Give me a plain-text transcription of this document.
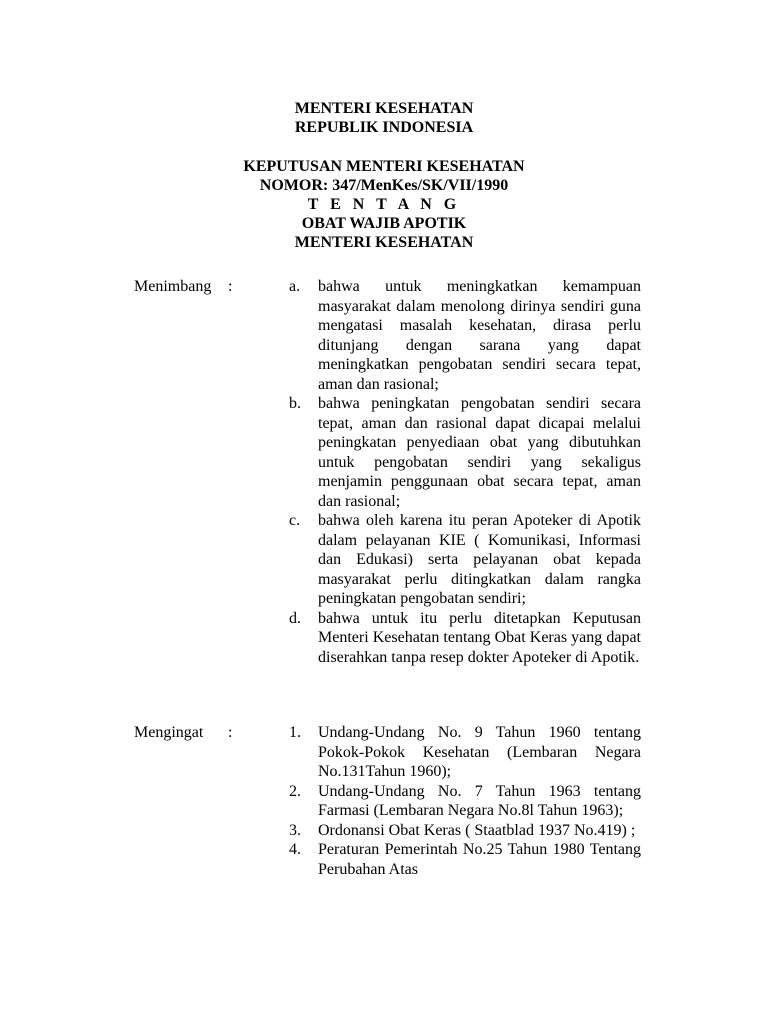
MENTERI KESEHATAN
REPUBLIK INDONESIA
KEPUTUSAN MENTERI KESEHATAN
NOMOR: 347/MenKes/SK/VII/1990
T E N T A N G
OBAT WAJIB APOTIK
MENTERI KESEHATAN
Menimbang :	a. bahwa untuk meningkatkan kemampuan masyarakat dalam menolong dirinya sendiri guna mengatasi masalah kesehatan, dirasa perlu ditunjang dengan sarana yang dapat meningkatkan pengobatan sendiri secara tepat, aman dan rasional;
b. bahwa peningkatan pengobatan sendiri secara tepat, aman dan rasional dapat dicapai melalui peningkatan penyediaan obat yang dibutuhkan untuk pengobatan sendiri yang sekaligus menjamin penggunaan obat secara tepat, aman dan rasional;
c. bahwa oleh karena itu peran Apoteker di Apotik dalam pelayanan KIE ( Komunikasi, Informasi dan Edukasi) serta pelayanan obat kepada masyarakat perlu ditingkatkan dalam rangka peningkatan pengobatan sendiri;
d. bahwa untuk itu perlu ditetapkan Keputusan Menteri Kesehatan tentang Obat Keras yang dapat diserahkan tanpa resep dokter Apoteker di Apotik.
Mengingat :	1. Undang-Undang No. 9 Tahun 1960 tentang Pokok-Pokok Kesehatan (Lembaran Negara No.131Tahun 1960);
2. Undang-Undang No. 7 Tahun 1963 tentang Farmasi (Lembaran Negara No.8l Tahun 1963);
3. Ordonansi Obat Keras ( Staatblad 1937 No.419) ;
4. Peraturan Pemerintah No.25 Tahun 1980 Tentang Perubahan Atas
